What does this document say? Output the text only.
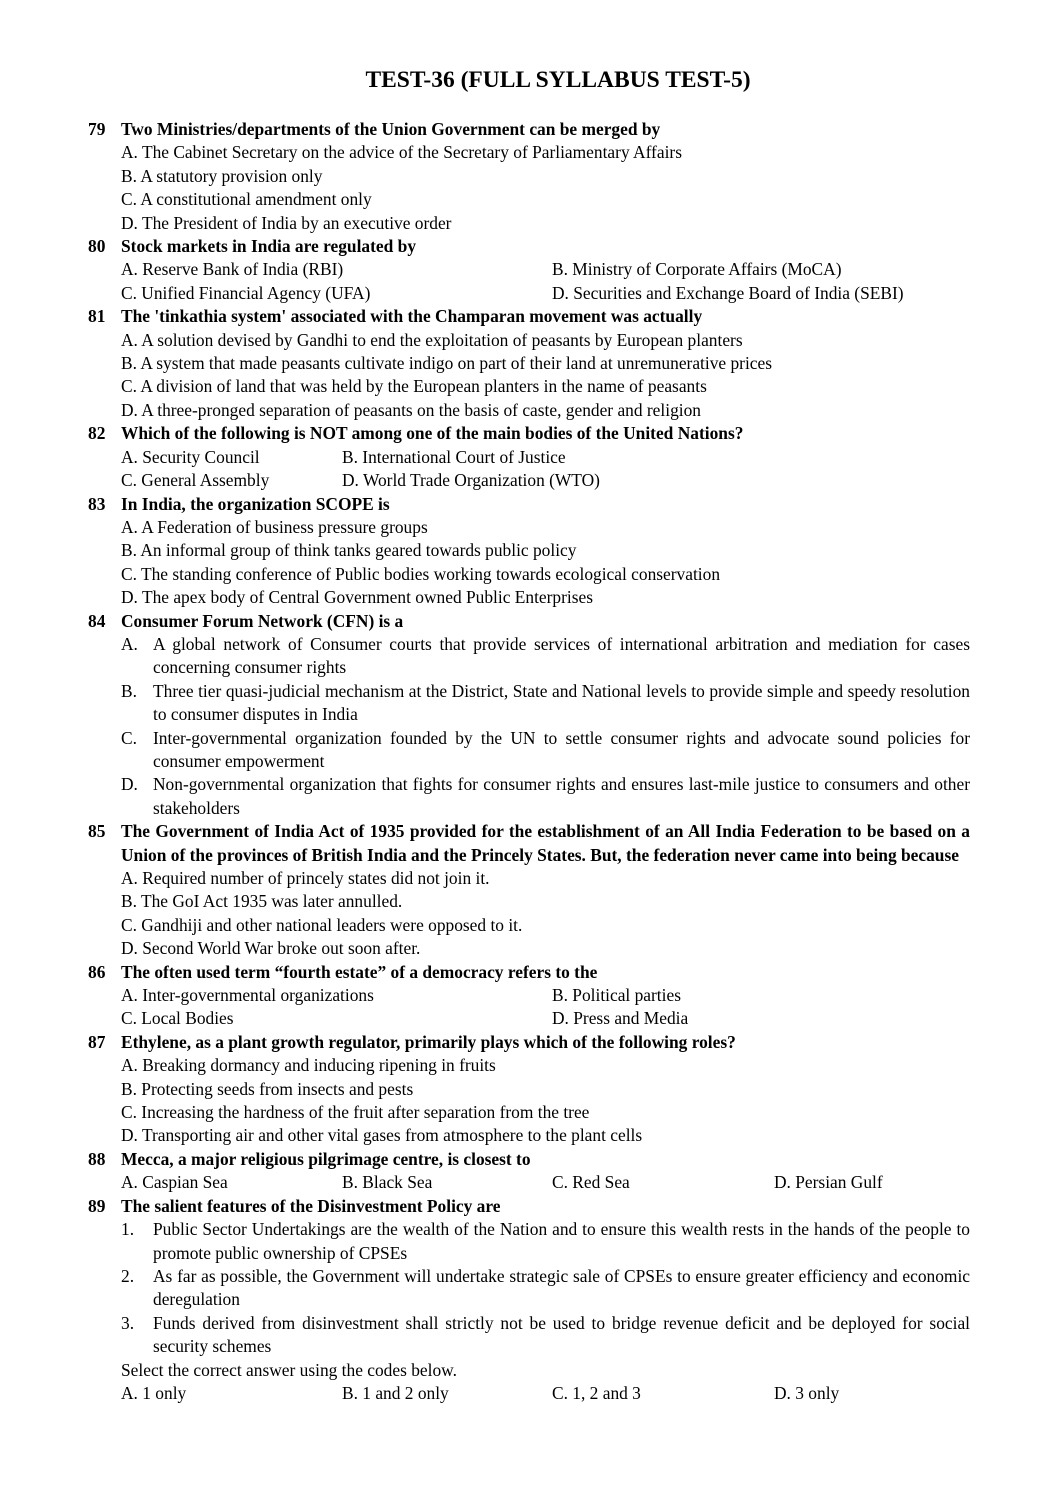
TEST-36 (FULL SYLLABUS TEST-5)
79 Two Ministries/departments of the Union Government can be merged by
A. The Cabinet Secretary on the advice of the Secretary of Parliamentary Affairs
B. A statutory provision only
C. A constitutional amendment only
D. The President of India by an executive order
80 Stock markets in India are regulated by
A. Reserve Bank of India (RBI)	B. Ministry of Corporate Affairs (MoCA)
C. Unified Financial Agency (UFA)	D. Securities and Exchange Board of India (SEBI)
81 The 'tinkathia system' associated with the Champaran movement was actually
A. A solution devised by Gandhi to end the exploitation of peasants by European planters
B. A system that made peasants cultivate indigo on part of their land at unremunerative prices
C. A division of land that was held by the European planters in the name of peasants
D. A three-pronged separation of peasants on the basis of caste, gender and religion
82 Which of the following is NOT among one of the main bodies of the United Nations?
A. Security Council	B. International Court of Justice
C. General Assembly	D. World Trade Organization (WTO)
83 In India, the organization SCOPE is
A. A Federation of business pressure groups
B. An informal group of think tanks geared towards public policy
C. The standing conference of Public bodies working towards ecological conservation
D. The apex body of Central Government owned Public Enterprises
84 Consumer Forum Network (CFN) is a
A. A global network of Consumer courts that provide services of international arbitration and mediation for cases concerning consumer rights
B. Three tier quasi-judicial mechanism at the District, State and National levels to provide simple and speedy resolution to consumer disputes in India
C. Inter-governmental organization founded by the UN to settle consumer rights and advocate sound policies for consumer empowerment
D. Non-governmental organization that fights for consumer rights and ensures last-mile justice to consumers and other stakeholders
85 The Government of India Act of 1935 provided for the establishment of an All India Federation to be based on a Union of the provinces of British India and the Princely States. But, the federation never came into being because
A. Required number of princely states did not join it.
B. The GoI Act 1935 was later annulled.
C. Gandhiji and other national leaders were opposed to it.
D. Second World War broke out soon after.
86 The often used term “fourth estate” of a democracy refers to the
A. Inter-governmental organizations	B. Political parties
C. Local Bodies	D. Press and Media
87 Ethylene, as a plant growth regulator, primarily plays which of the following roles?
A. Breaking dormancy and inducing ripening in fruits
B. Protecting seeds from insects and pests
C. Increasing the hardness of the fruit after separation from the tree
D. Transporting air and other vital gases from atmosphere to the plant cells
88 Mecca, a major religious pilgrimage centre, is closest to
A. Caspian Sea	B. Black Sea	C. Red Sea	D. Persian Gulf
89 The salient features of the Disinvestment Policy are
1.	Public Sector Undertakings are the wealth of the Nation and to ensure this wealth rests in the hands of the people to promote public ownership of CPSEs
2.	As far as possible, the Government will undertake strategic sale of CPSEs to ensure greater efficiency and economic deregulation
3.	Funds derived from disinvestment shall strictly not be used to bridge revenue deficit and be deployed for social security schemes
Select the correct answer using the codes below.
A. 1 only	B. 1 and 2 only	C. 1, 2 and 3	D. 3 only
